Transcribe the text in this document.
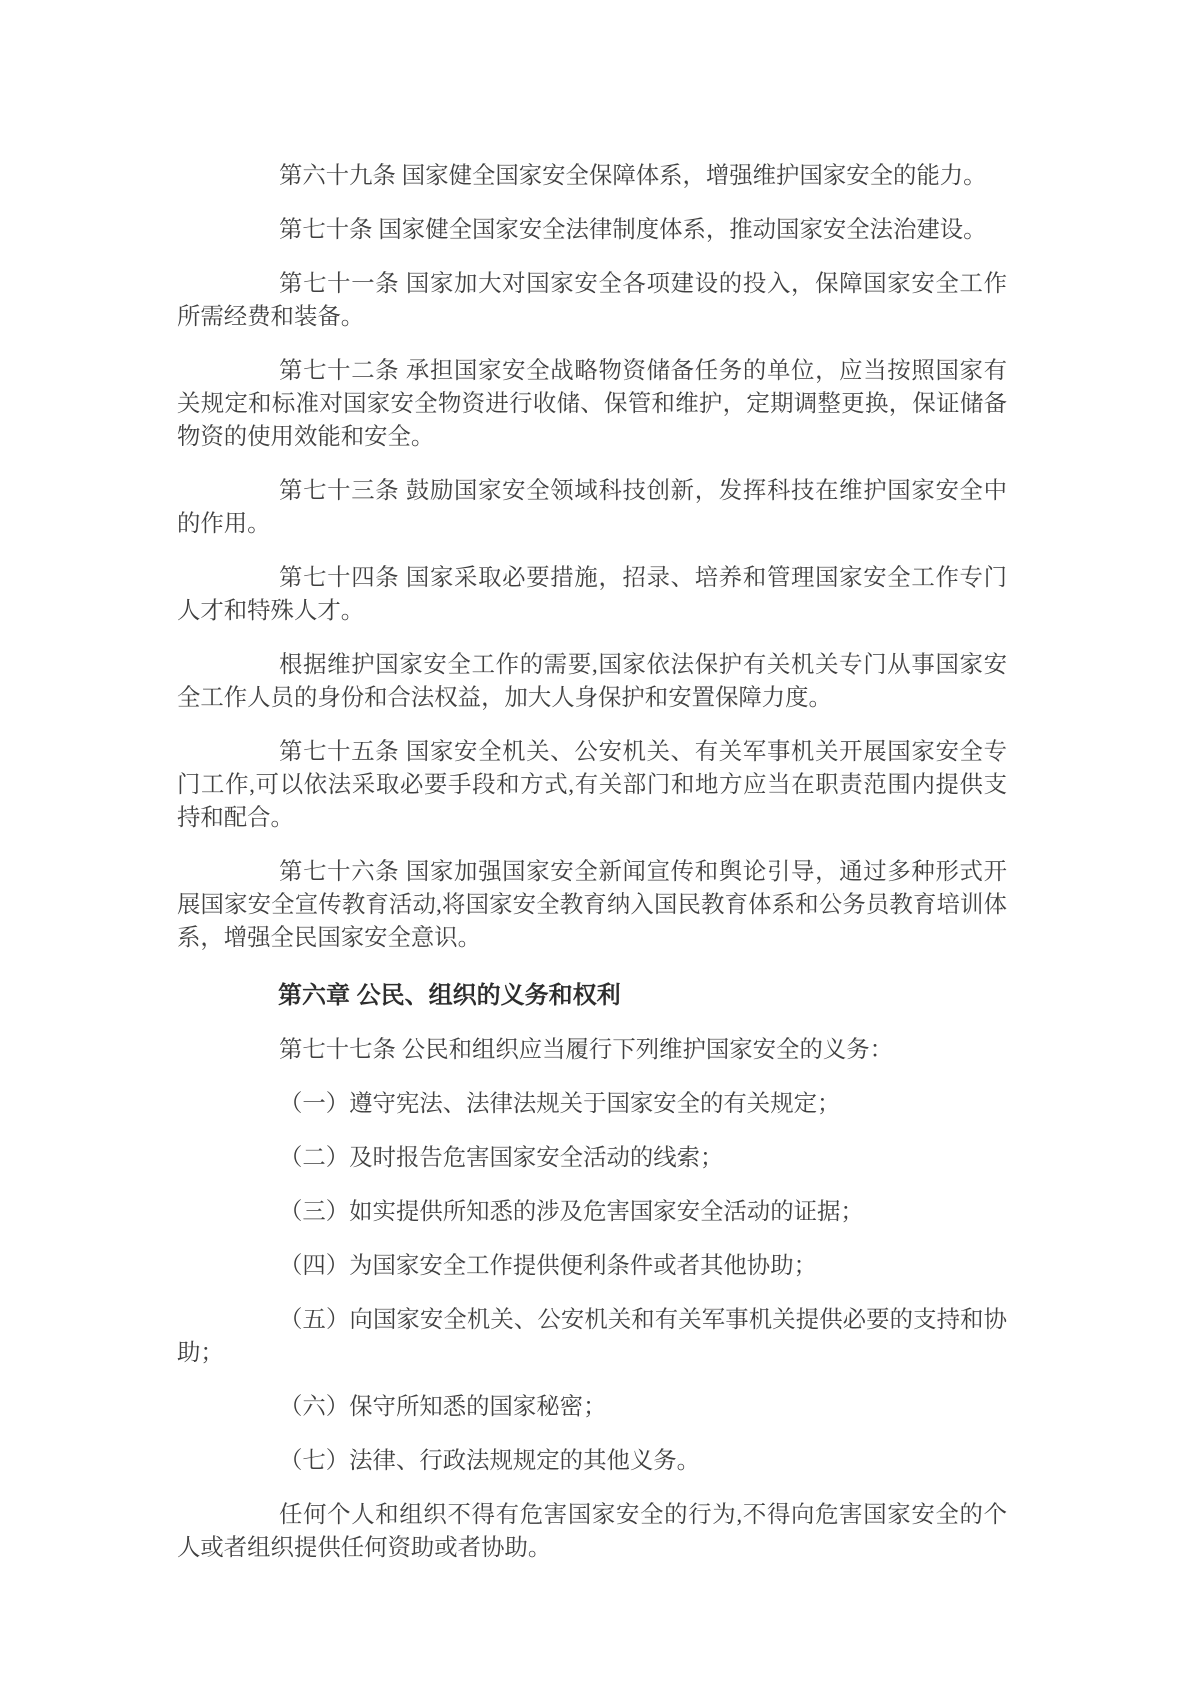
第六十九条 国家健全国家安全保障体系，增强维护国家安全的能力。

第七十条 国家健全国家安全法律制度体系，推动国家安全法治建设。

第七十一条 国家加大对国家安全各项建设的投入，保障国家安全工作所需经费和装备。

第七十二条 承担国家安全战略物资储备任务的单位，应当按照国家有关规定和标准对国家安全物资进行收储、保管和维护，定期调整更换，保证储备物资的使用效能和安全。

第七十三条 鼓励国家安全领域科技创新，发挥科技在维护国家安全中的作用。

第七十四条 国家采取必要措施，招录、培养和管理国家安全工作专门人才和特殊人才。

根据维护国家安全工作的需要,国家依法保护有关机关专门从事国家安全工作人员的身份和合法权益，加大人身保护和安置保障力度。

第七十五条 国家安全机关、公安机关、有关军事机关开展国家安全专门工作,可以依法采取必要手段和方式,有关部门和地方应当在职责范围内提供支持和配合。

第七十六条 国家加强国家安全新闻宣传和舆论引导，通过多种形式开展国家安全宣传教育活动,将国家安全教育纳入国民教育体系和公务员教育培训体系，增强全民国家安全意识。

第六章 公民、组织的义务和权利

第七十七条 公民和组织应当履行下列维护国家安全的义务：

（一）遵守宪法、法律法规关于国家安全的有关规定；

（二）及时报告危害国家安全活动的线索；

（三）如实提供所知悉的涉及危害国家安全活动的证据；

（四）为国家安全工作提供便利条件或者其他协助；

（五）向国家安全机关、公安机关和有关军事机关提供必要的支持和协助；

（六）保守所知悉的国家秘密；

（七）法律、行政法规规定的其他义务。

任何个人和组织不得有危害国家安全的行为,不得向危害国家安全的个人或者组织提供任何资助或者协助。
